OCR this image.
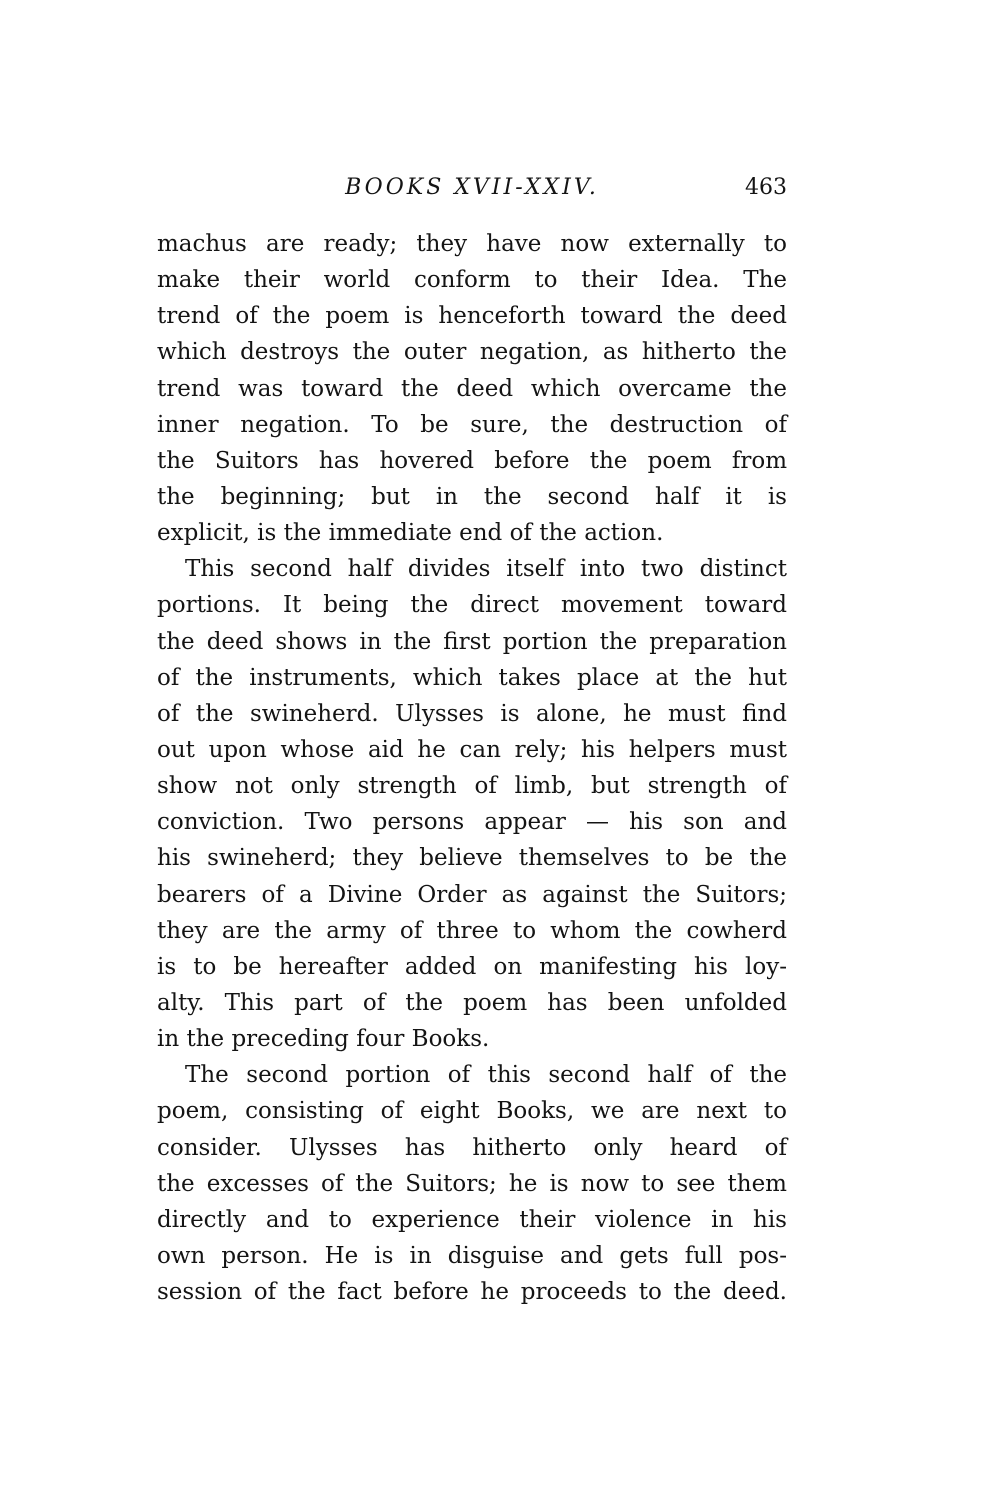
BOOKS XVII-XXIV.	463
machus are ready; they have now externally to
make their world conform to their Idea. The
trend of the poem is henceforth toward the deed
which destroys the outer negation, as hitherto the
trend was toward the deed which overcame the
inner negation. To be sure, the destruction of
the Suitors has hovered before the poem from
the beginning; but in the second half it is
explicit, is the immediate end of the action.
This second half divides itself into two distinct
portions. It being the direct movement toward
the deed shows in the first portion the preparation
of the instruments, which takes place at the hut
of the swineherd. Ulysses is alone, he must find
out upon whose aid he can rely; his helpers must
show not only strength of limb, but strength of
conviction. Two persons appear — his son and
his swineherd; they believe themselves to be the
bearers of a Divine Order as against the Suitors;
they are the army of three to whom the cowherd
is to be hereafter added on manifesting his loy-
alty. This part of the poem has been unfolded
in the preceding four Books.
The second portion of this second half of the
poem, consisting of eight Books, we are next to
consider. Ulysses has hitherto only heard of
the excesses of the Suitors; he is now to see them
directly and to experience their violence in his
own person. He is in disguise and gets full pos-
session of the fact before he proceeds to the deed.
